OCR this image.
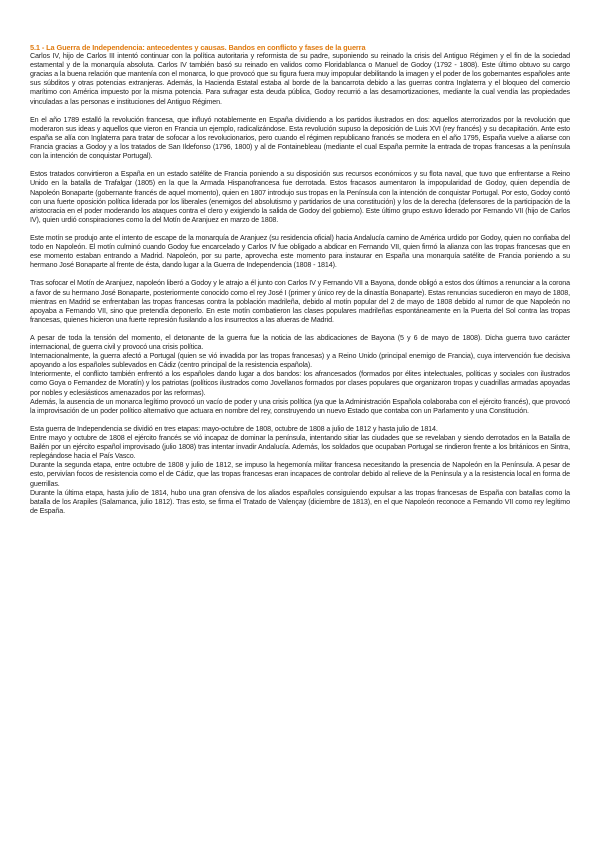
5.1 - La Guerra de Independencia: antecedentes y causas. Bandos en conflicto y fases de la guerra

Carlos IV, hijo de Carlos III intentó continuar con la política autoritaria y reformista de su padre, suponiendo su reinado la crisis del Antiguo Régimen y el fin de la sociedad estamental y de la monarquía absoluta. Carlos IV también basó su reinado en validos como Floridablanca o Manuel de Godoy (1792 - 1808). Este último obtuvo su cargo gracias a la buena relación que mantenía con el monarca, lo que provocó que su figura fuera muy impopular debilitando la imagen y el poder de los gobernantes españoles ante sus súbditos y otras potencias extranjeras. Además, la Hacienda Estatal estaba al borde de la bancarrota debido a las guerras contra Inglaterra y el bloqueo del comercio marítimo con América impuesto por la misma potencia. Para sufragar esta deuda pública, Godoy recurrió a las desamortizaciones, mediante la cual vendía las propiedades vinculadas a las personas e instituciones del Antiguo Régimen.

En el año 1789 estalló la revolución francesa, que influyó notablemente en España dividiendo a los partidos ilustrados en dos: aquellos aterrorizados por la revolución que moderaron sus ideas y aquellos que vieron en Francia un ejemplo, radicalizándose. Esta revolución supuso la deposición de Luis XVI (rey francés) y su decapitación. Ante esto españa se alía con Inglaterra para tratar de sofocar a los revolucionarios, pero cuando el régimen republicano francés se modera en el año 1795, España vuelve a aliarse con Francia gracias a Godoy y a los tratados de San Ildefonso (1796, 1800) y al de Fontainebleau (mediante el cual España permite la entrada de tropas francesas a la península con la intención de conquistar Portugal).

Estos tratados convirtieron a España en un estado satélite de Francia poniendo a su disposición sus recursos económicos y su flota naval, que tuvo que enfrentarse a Reino Unido en la batalla de Trafalgar (1805) en la que la Armada Hispanofrancesa fue derrotada. Estos fracasos aumentaron la impopularidad de Godoy, quien dependía de Napoleón Bonaparte (gobernante francés de aquel momento), quien en 1807 introdujo sus tropas en la Península con la intención de conquistar Portugal. Por esto, Godoy contó con una fuerte oposición política liderada por los liberales (enemigos del absolutismo y partidarios de una constitución) y los de la derecha (defensores de la participación de la aristocracia en el poder moderando los ataques contra el clero y exigiendo la salida de Godoy del gobierno). Este último grupo estuvo liderado por Fernando VII (hijo de Carlos IV), quien urdió conspiraciones como la del Motín de Aranjuez en marzo de 1808.

Este motín se produjo ante el intento de escape de la monarquía de Aranjuez (su residencia oficial) hacia Andalucía camino de América urdido por Godoy, quien no confiaba del todo en Napoleón. El motín culminó cuando Godoy fue encarcelado y Carlos IV fue obligado a abdicar en Fernando VII, quien firmó la alianza con las tropas francesas que en ese momento estaban entrando a Madrid. Napoleón, por su parte, aprovecha este momento para instaurar en España una monarquía satélite de Francia poniendo a su hermano José Bonaparte al frente de ésta, dando lugar a la Guerra de Independencia (1808 - 1814).

Tras sofocar el Motín de Aranjuez, napoleón liberó a Godoy y le atrajo a él junto con Carlos IV y Fernando VII a Bayona, donde obligó a estos dos últimos a renunciar a la corona a favor de su hermano José Bonaparte, posteriormente conocido como el rey José I (primer y único rey de la dinastía Bonaparte). Estas renuncias sucedieron en mayo de 1808, mientras en Madrid se enfrentaban las tropas francesas contra la población madrileña, debido al motín popular del 2 de mayo de 1808 debido al rumor de que Napoleón no apoyaba a Fernando VII, sino que pretendía deponerlo. En este motín combatieron las clases populares madrileñas espontáneamente en la Puerta del Sol contra las tropas francesas, quienes hicieron una fuerte represión fusilando a los insurrectos a las afueras de Madrid.

A pesar de toda la tensión del momento, el detonante de la guerra fue la noticia de las abdicaciones de Bayona (5 y 6 de mayo de 1808). Dicha guerra tuvo carácter internacional, de guerra civil y provocó una crisis política.

Internacionalmente, la guerra afectó a Portugal (quien se vió invadida por las tropas francesas) y a Reino Unido (principal enemigo de Francia), cuya intervención fue decisiva apoyando a los españoles sublevados en Cádiz (centro principal de la resistencia española).

Interiormente, el conflicto también enfrentó a los españoles dando lugar a dos bandos: los afrancesados (formados por élites intelectuales, políticas y sociales con ilustrados como Goya o Fernandez de Moratín) y los patriotas (políticos ilustrados como Jovellanos formados por clases populares que organizaron tropas y cuadrillas armadas apoyadas por nobles y eclesiásticos amenazados por las reformas).

Además, la ausencia de un monarca legítimo provocó un vacío de poder y una crisis política (ya que la Administración Española colaboraba con el ejército francés), que provocó la improvisación de un poder político alternativo que actuara en nombre del rey, construyendo un nuevo Estado que contaba con un Parlamento y una Constitución.

Esta guerra de Independencia se dividió en tres etapas: mayo-octubre de 1808, octubre de 1808 a julio de 1812 y hasta julio de 1814.

Entre mayo y octubre de 1808 el ejército francés se vió incapaz de dominar la península, intentando sitiar las ciudades que se revelaban y siendo derrotados en la Batalla de Bailén por un ejército español improvisado (julio 1808) tras intentar invadir Andalucía. Además, los soldados que ocupaban Portugal se rindieron frente a los británicos en Sintra, replegándose hacia el País Vasco.

Durante la segunda etapa, entre octubre de 1808 y julio de 1812, se impuso la hegemonía militar francesa necesitando la presencia de Napoleón en la Península. A pesar de esto, pervivían focos de resistencia como el de Cádiz, que las tropas francesas eran incapaces de controlar debido al relieve de la Península y a la resistencia local en forma de guerrillas.

Durante la última etapa, hasta julio de 1814, hubo una gran ofensiva de los aliados españoles consiguiendo expulsar a las tropas francesas de España con batallas como la batalla de los Arapiles (Salamanca, julio 1812). Tras esto, se firma el Tratado de Valençay (diciembre de 1813), en el que Napoleón reconoce a Fernando VII como rey legítimo de España.
